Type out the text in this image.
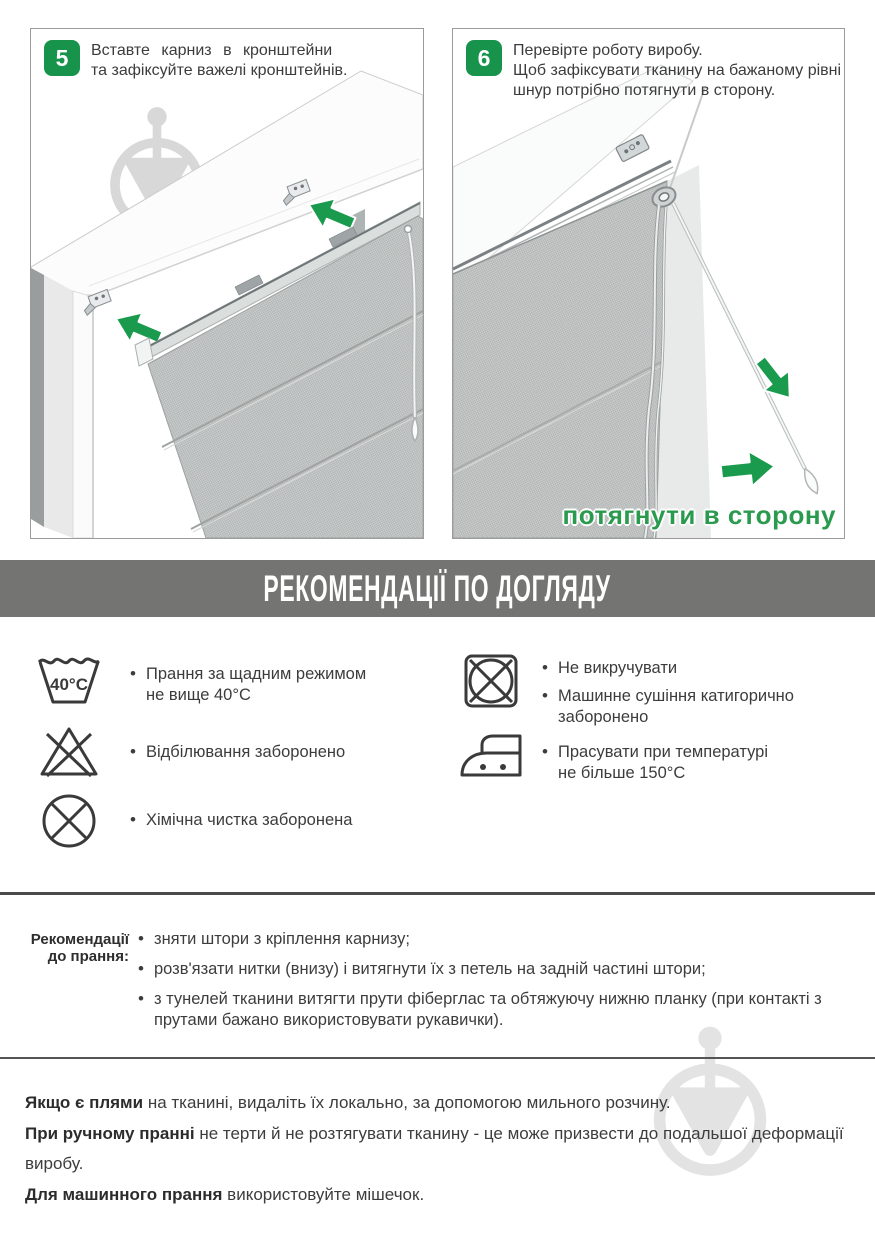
5	Вставте карниз в кронштейни
та зафіксуйте важелі кронштейнів.	6	Перевірте роботу виробу.
Щоб зафіксувати тканину на бажаному рівні
шнур потрібно потягнути в сторону.
потягнути в сторону
РЕКОМЕНДАЦІЇ ПО ДОГЛЯДУ
40°C
• Прання за щадним режимом
не вище 40°С
• Відбілювання заборонено
• Хімічна чистка заборонена
• Не викручувати
• Машинне сушіння катигорично
заборонено
• Прасувати при температурі
не більше 150°С
Рекомендації
до прання:
• зняти штори з кріплення карнизу;
• розв'язати нитки (внизу) і витягнути їх з петель на задній частині штори;
• з тунелей тканини витягти прути фіберглас та обтяжуючу нижню планку (при контакті з прутами бажано використовувати рукавички).
Якщо є плями на тканині, видаліть їх локально, за допомогою мильного розчину.
При ручному пранні не терти й не розтягувати тканину - це може призвести до подальшої деформації виробу.
Для машинного прання використовуйте мішечок.
